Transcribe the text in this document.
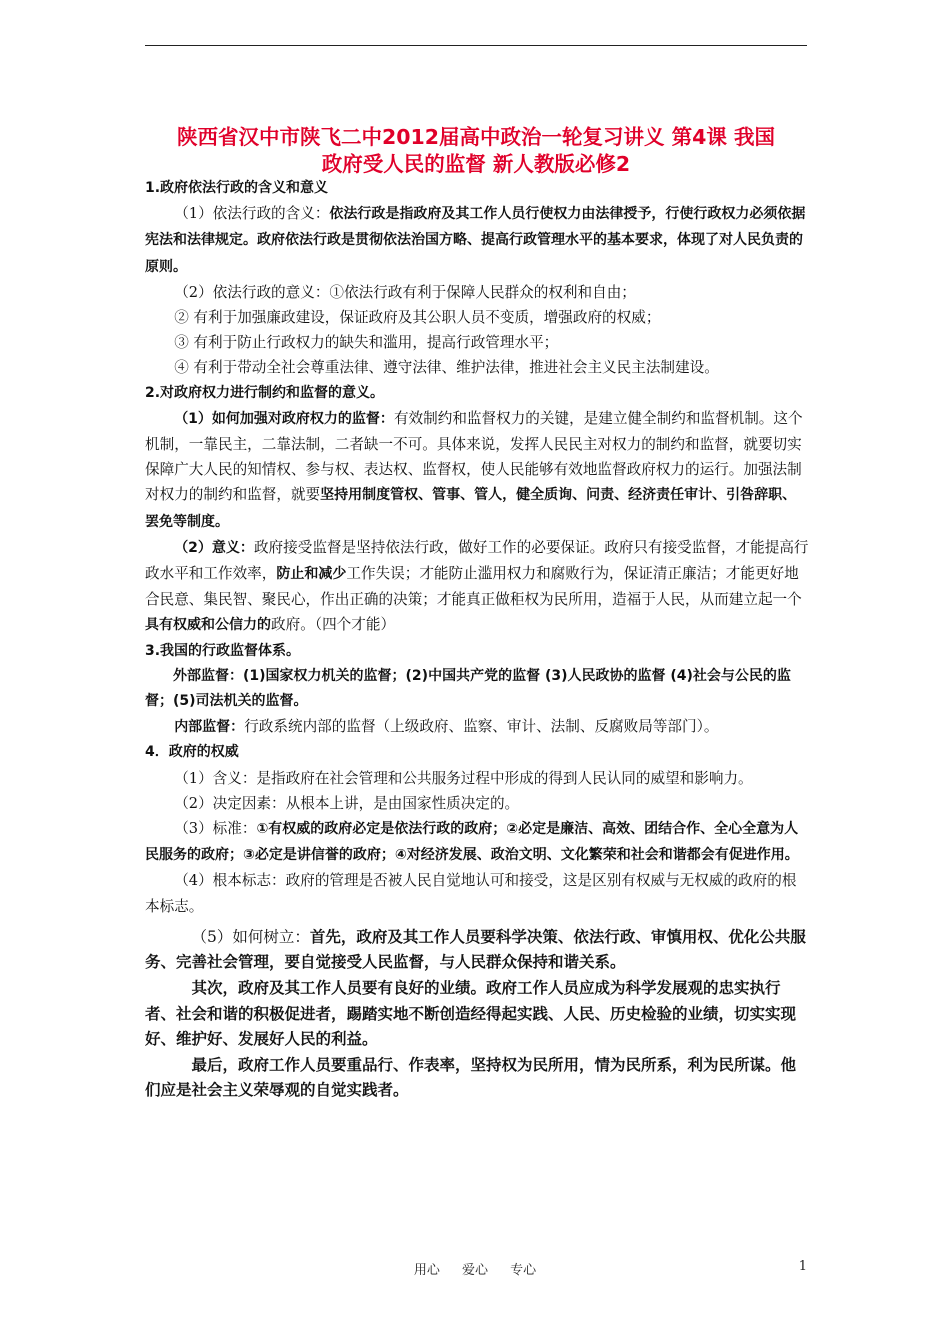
陕西省汉中市陕飞二中2012届高中政治一轮复习讲义 第4课 我国
政府受人民的监督 新人教版必修2

1.政府依法行政的含义和意义

（1）依法行政的含义：依法行政是指政府及其工作人员行使权力由法律授予，行使行政权力必须依据宪法和法律规定。政府依法行政是贯彻依法治国方略、提高行政管理水平的基本要求，体现了对人民负责的原则。

（2）依法行政的意义：①依法行政有利于保障人民群众的权利和自由；

② 有利于加强廉政建设，保证政府及其公职人员不变质，增强政府的权威；

③ 有利于防止行政权力的缺失和滥用，提高行政管理水平；

④ 有利于带动全社会尊重法律、遵守法律、维护法律，推进社会主义民主法制建设。

2.对政府权力进行制约和监督的意义。

（1）如何加强对政府权力的监督：有效制约和监督权力的关键，是建立健全制约和监督机制。这个机制，一靠民主，二靠法制，二者缺一不可。具体来说，发挥人民民主对权力的制约和监督，就要切实保障广大人民的知情权、参与权、表达权、监督权，使人民能够有效地监督政府权力的运行。加强法制对权力的制约和监督，就要坚持用制度管权、管事、管人，健全质询、问责、经济责任审计、引咎辞职、罢免等制度。

（2）意义：政府接受监督是坚持依法行政，做好工作的必要保证。政府只有接受监督，才能提高行政水平和工作效率，防止和减少工作失误；才能防止滥用权力和腐败行为，保证清正廉洁；才能更好地合民意、集民智、聚民心，作出正确的决策；才能真正做秬权为民所用，造福于人民，从而建立起一个具有权威和公信力的政府。（四个才能）

3.我国的行政监督体系。

外部监督：(1)国家权力机关的监督；(2)中国共产党的监督 (3)人民政协的监督 (4)社会与公民的监督；(5)司法机关的监督。

内部监督：行政系统内部的监督（上级政府、监察、审计、法制、反腐败局等部门）。

4．政府的权威

（1）含义：是指政府在社会管理和公共服务过程中形成的得到人民认同的威望和影响力。

（2）决定因素：从根本上讲，是由国家性质决定的。

（3）标准：①有权威的政府必定是依法行政的政府；②必定是廉洁、高效、团结合作、全心全意为人民服务的政府；③必定是讲信誉的政府；④对经济发展、政治文明、文化繁荣和社会和谐都会有促进作用。

（4）根本标志：政府的管理是否被人民自觉地认可和接受，这是区别有权威与无权威的政府的根本标志。

（5）如何树立：首先，政府及其工作人员要科学决策、依法行政、审慎用权、优化公共服务、完善社会管理，要自觉接受人民监督，与人民群众保持和谐关系。

其次，政府及其工作人员要有良好的业绩。政府工作人员应成为科学发展观的忠实执行者、社会和谐的积极促进者，踢踏实地不断创造经得起实践、人民、历史检验的业绩，切实实现好、维护好、发展好人民的利益。

最后，政府工作人员要重品行、作表率，坚持权为民所用，情为民所系，利为民所谋。他们应是社会主义荣辱观的自觉实践者。

用心 爱心 专心	1
